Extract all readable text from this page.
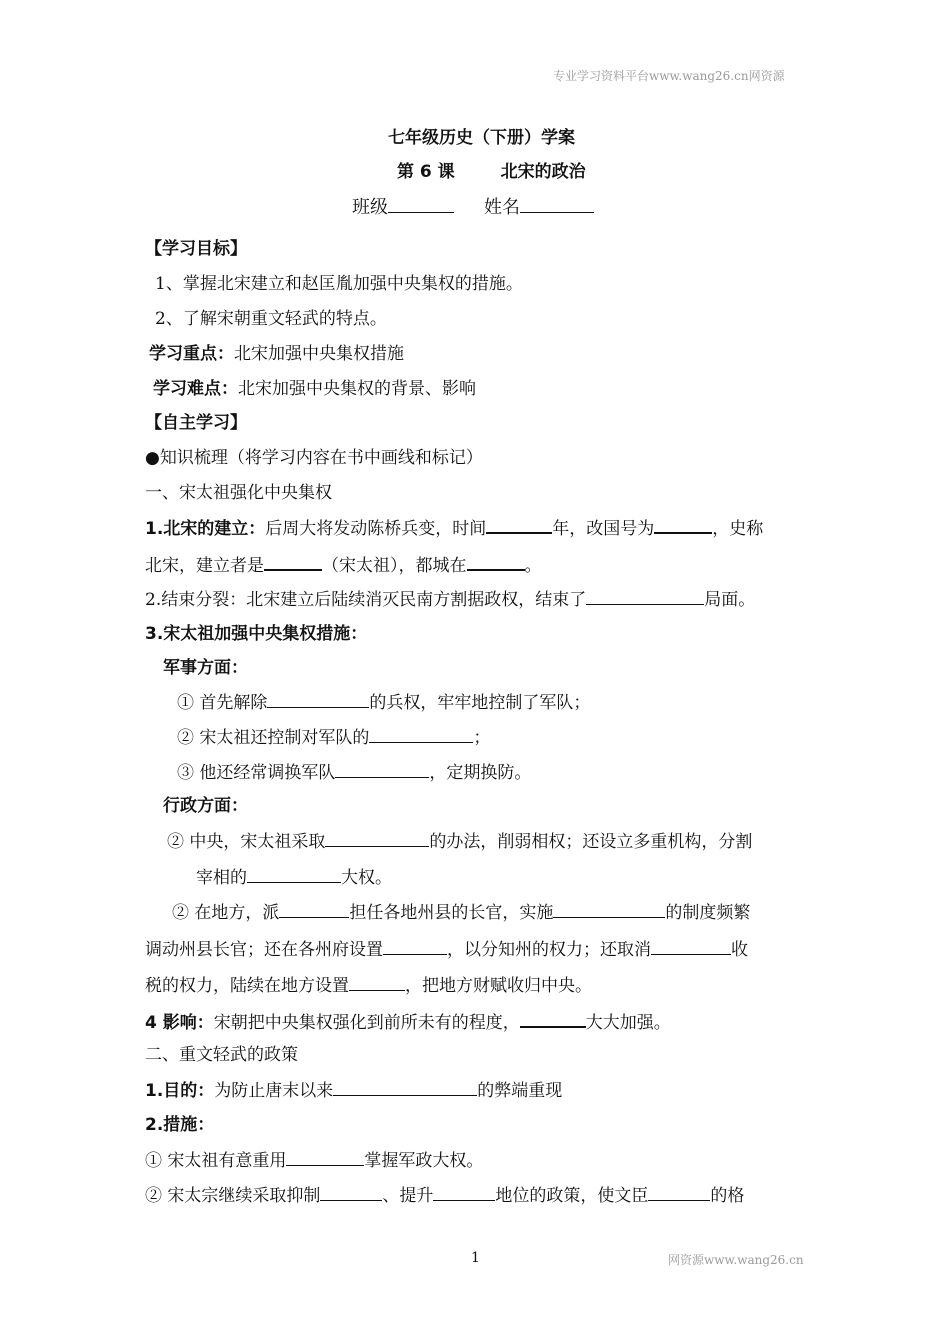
专业学习资料平台www.wang26.cn网资源
七年级历史（下册）学案
第 6 课	北宋的政治
班级	姓名
【学习目标】
1、掌握北宋建立和赵匡胤加强中央集权的措施。
2、了解宋朝重文轻武的特点。
学习重点：北宋加强中央集权措施
学习难点：北宋加强中央集权的背景、影响
【自主学习】
●知识梳理（将学习内容在书中画线和标记）
一、宋太祖强化中央集权
1.北宋的建立：后周大将发动陈桥兵变，时间	年，改国号为	，史称
北宋，建立者是	（宋太祖），都城在	。
2.结束分裂：北宋建立后陆续消灭民南方割据政权，结束了	局面。
3.宋太祖加强中央集权措施：
军事方面：
① 首先解除	的兵权，牢牢地控制了军队；
② 宋太祖还控制对军队的	；
③ 他还经常调换军队	，定期换防。
行政方面：
② 中央，宋太祖采取	的办法，削弱相权；还设立多重机构，分割
宰相的	大权。
② 在地方，派	担任各地州县的长官，实施	的制度频繁
调动州县长官；还在各州府设置	，以分知州的权力；还取消	收
税的权力，陆续在地方设置	，把地方财赋收归中央。
4 影响：宋朝把中央集权强化到前所未有的程度，	大大加强。
二、重文轻武的政策
1.目的：为防止唐末以来	的弊端重现
2.措施：
① 宋太祖有意重用	掌握军政大权。
② 宋太宗继续采取抑制	、提升	地位的政策，使文臣	的格
1	网资源www.wang26.cn
